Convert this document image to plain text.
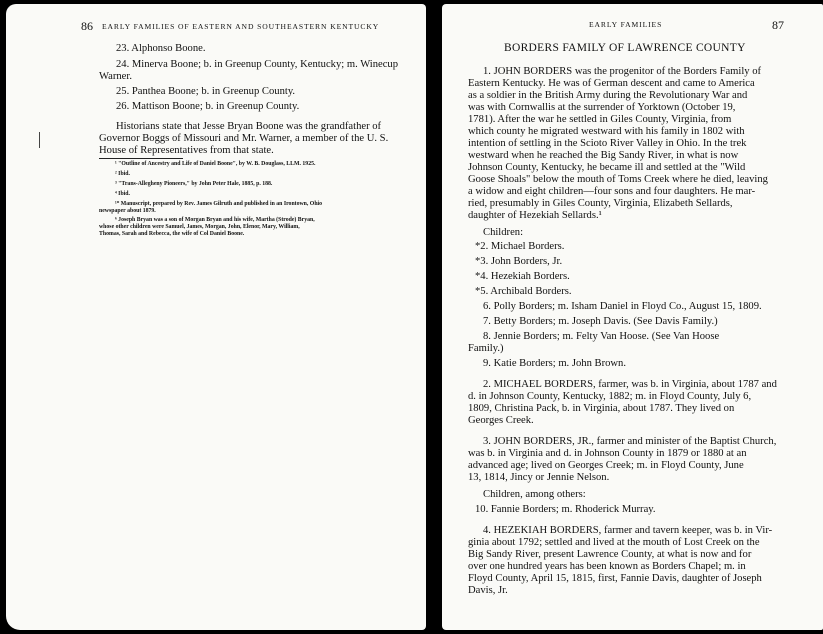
86 EARLY FAMILIES OF EASTERN AND SOUTHEASTERN KENTUCKY
23. Alphonso Boone.
24. Minerva Boone; b. in Greenup County, Kentucky; m. Winecup
Warner.
25. Panthea Boone; b. in Greenup County.
26. Mattison Boone; b. in Greenup County.
Historians state that Jesse Bryan Boone was the grandfather of
Governor Boggs of Missouri and Mr. Warner, a member of the U. S.
House of Representatives from that state.
¹ "Outline of Ancestry and Life of Daniel Boone", by W. B. Douglass, LLM. 1925.
² Ibid.
³ "Trans-Allegheny Pioneers," by John Peter Hale, 1885, p. 188.
⁴ Ibid.
¹⁰ Manuscript, prepared by Rev. James Gilruth and published in an Irontown, Ohio
newspaper about 1879.
⁶ Joseph Bryan was a son of Morgan Bryan and his wife, Martha (Strode) Bryan,
whose other children were Samuel, James, Morgan, John, Elenor, Mary, William,
Thomas, Sarah and Rebecca, the wife of Col Daniel Boone.
EARLY FAMILIES	87
BORDERS FAMILY OF LAWRENCE COUNTY
1. JOHN BORDERS was the progenitor of the Borders Family of
Eastern Kentucky. He was of German descent and came to America
as a soldier in the British Army during the Revolutionary War and
was with Cornwallis at the surrender of Yorktown (October 19,
1781). After the war he settled in Giles County, Virginia, from
which county he migrated westward with his family in 1802 with
intention of settling in the Scioto River Valley in Ohio. In the trek
westward when he reached the Big Sandy River, in what is now
Johnson County, Kentucky, he became ill and settled at the "Wild
Goose Shoals" below the mouth of Toms Creek where he died, leaving
a widow and eight children—four sons and four daughters. He mar-
ried, presumably in Giles County, Virginia, Elizabeth Sellards,
daughter of Hezekiah Sellards.¹
Children:
*2. Michael Borders.
*3. John Borders, Jr.
*4. Hezekiah Borders.
*5. Archibald Borders.
6. Polly Borders; m. Isham Daniel in Floyd Co., August 15, 1809.
7. Betty Borders; m. Joseph Davis. (See Davis Family.)
8. Jennie Borders; m. Felty Van Hoose. (See Van Hoose
Family.)
9. Katie Borders; m. John Brown.
2. MICHAEL BORDERS, farmer, was b. in Virginia, about 1787 and
d. in Johnson County, Kentucky, 1882; m. in Floyd County, July 6,
1809, Christina Pack, b. in Virginia, about 1787. They lived on
Georges Creek.
3. JOHN BORDERS, JR., farmer and minister of the Baptist Church,
was b. in Virginia and d. in Johnson County in 1879 or 1880 at an
advanced age; lived on Georges Creek; m. in Floyd County, June
13, 1814, Jincy or Jennie Nelson.
Children, among others:
10. Fannie Borders; m. Rhoderick Murray.
4. HEZEKIAH BORDERS, farmer and tavern keeper, was b. in Vir-
ginia about 1792; settled and lived at the mouth of Lost Creek on the
Big Sandy River, present Lawrence County, at what is now and for
over one hundred years has been known as Borders Chapel; m. in
Floyd County, April 15, 1815, first, Fannie Davis, daughter of Joseph
Davis, Jr.
